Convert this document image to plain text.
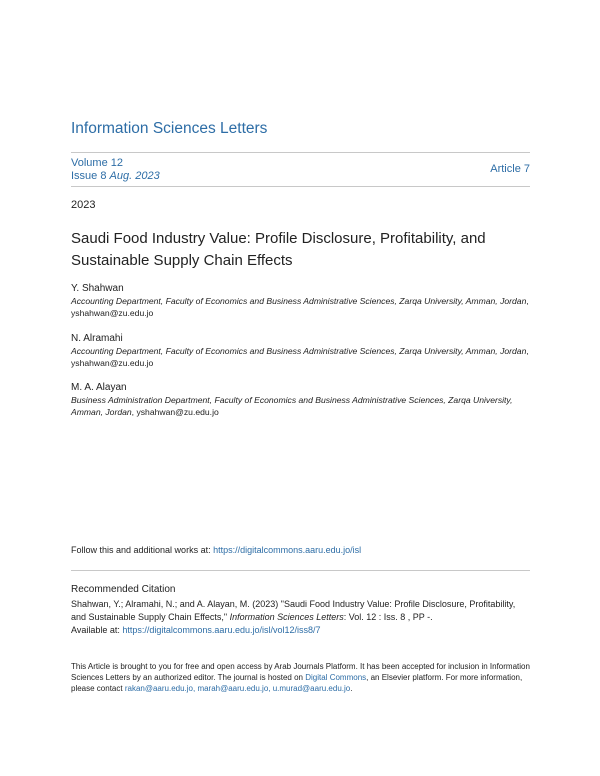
Information Sciences Letters
Volume 12
Issue 8 Aug. 2023
Article 7
2023
Saudi Food Industry Value: Profile Disclosure, Profitability, and Sustainable Supply Chain Effects
Y. Shahwan
Accounting Department, Faculty of Economics and Business Administrative Sciences, Zarqa University, Amman, Jordan, yshahwan@zu.edu.jo
N. Alramahi
Accounting Department, Faculty of Economics and Business Administrative Sciences, Zarqa University, Amman, Jordan, yshahwan@zu.edu.jo
M. A. Alayan
Business Administration Department, Faculty of Economics and Business Administrative Sciences, Zarqa University, Amman, Jordan, yshahwan@zu.edu.jo
Follow this and additional works at: https://digitalcommons.aaru.edu.jo/isl
Recommended Citation
Shahwan, Y.; Alramahi, N.; and A. Alayan, M. (2023) "Saudi Food Industry Value: Profile Disclosure, Profitability, and Sustainable Supply Chain Effects," Information Sciences Letters: Vol. 12 : Iss. 8 , PP -.
Available at: https://digitalcommons.aaru.edu.jo/isl/vol12/iss8/7
This Article is brought to you for free and open access by Arab Journals Platform. It has been accepted for inclusion in Information Sciences Letters by an authorized editor. The journal is hosted on Digital Commons, an Elsevier platform. For more information, please contact rakan@aaru.edu.jo, marah@aaru.edu.jo, u.murad@aaru.edu.jo.
